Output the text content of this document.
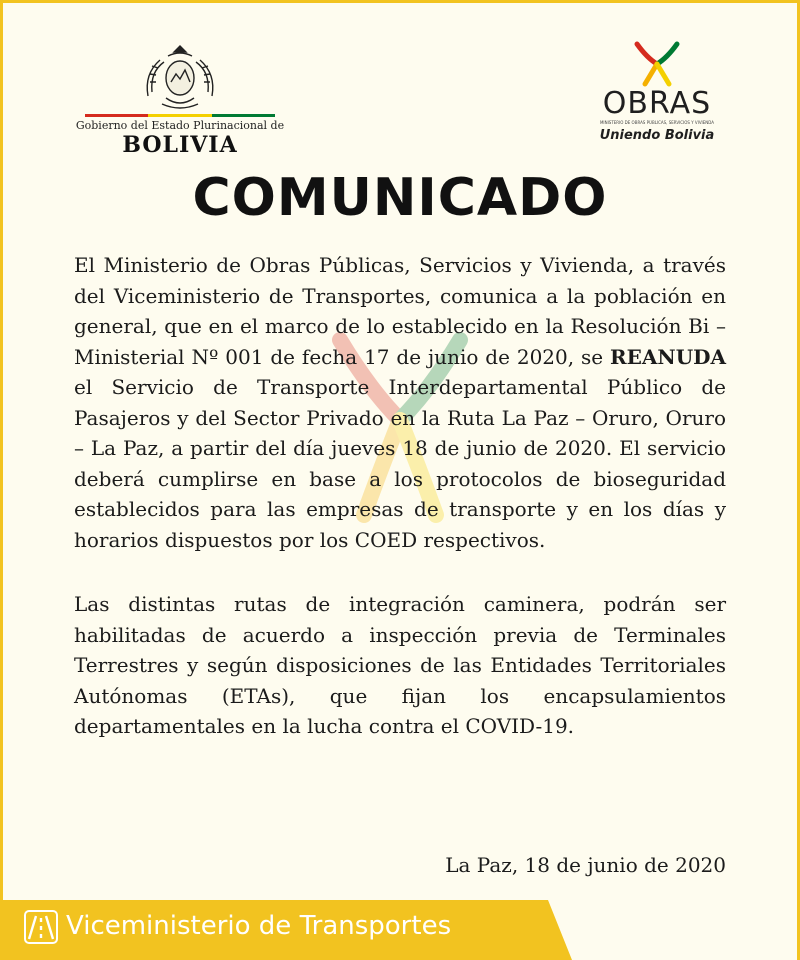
Gobierno del Estado Plurinacional de
BOLIVIA
OBRAS
MINISTERIO DE OBRAS PÚBLICAS, SERVICIOS Y VIVIENDA
Uniendo Bolivia
COMUNICADO

El Ministerio de Obras Públicas, Servicios y Vivienda, a través del Viceministerio de Transportes, comunica a la población en general, que en el marco de lo establecido en la Resolución Bi – Ministerial Nº 001 de fecha 17 de junio de 2020, se REANUDA el Servicio de Transporte Interdepartamental Público de Pasajeros y del Sector Privado en la Ruta La Paz – Oruro, Oruro – La Paz, a partir del día jueves 18 de junio de 2020. El servicio deberá cumplirse en base a los protocolos de bioseguridad establecidos para las empresas de transporte y en los días y horarios dispuestos por los COED respectivos.

Las distintas rutas de integración caminera, podrán ser habilitadas de acuerdo a inspección previa de Terminales Terrestres y según disposiciones de las Entidades Territoriales Autónomas (ETAs), que fijan los encapsulamientos departamentales en la lucha contra el COVID-19.

La Paz, 18 de junio de 2020
Viceministerio de Transportes
